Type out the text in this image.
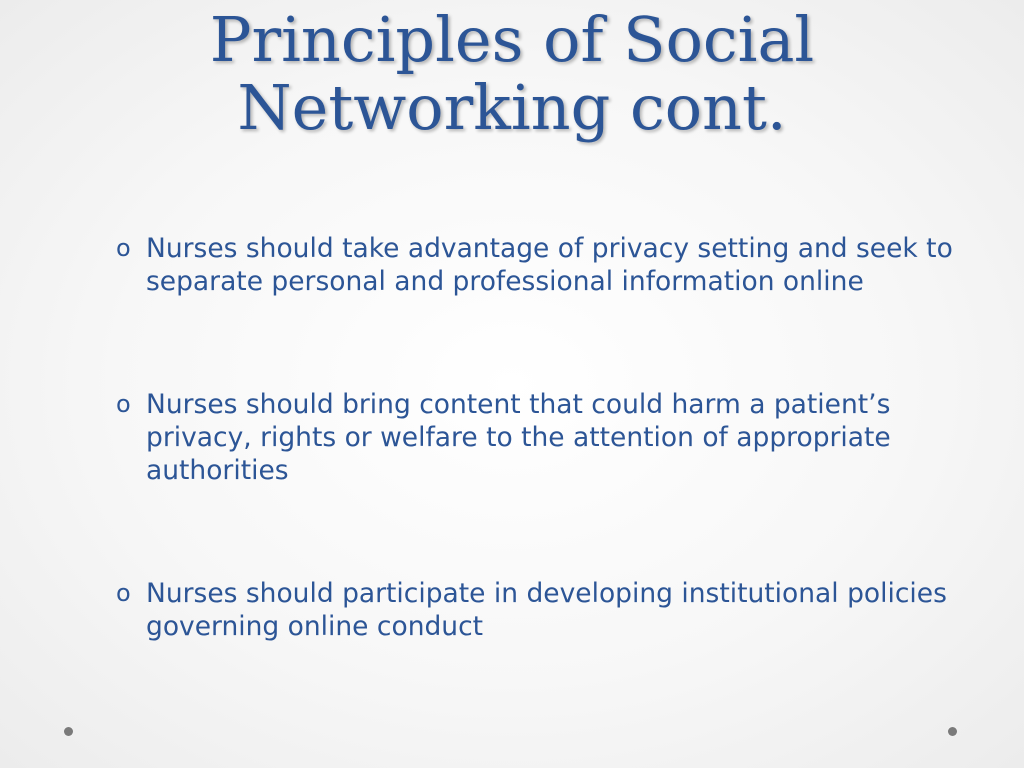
Principles of Social
Networking cont.
o Nurses should take advantage of privacy setting and seek to separate personal and professional information online
o Nurses should bring content that could harm a patient’s privacy, rights or welfare to the attention of appropriate authorities
o Nurses should participate in developing institutional policies governing online conduct
